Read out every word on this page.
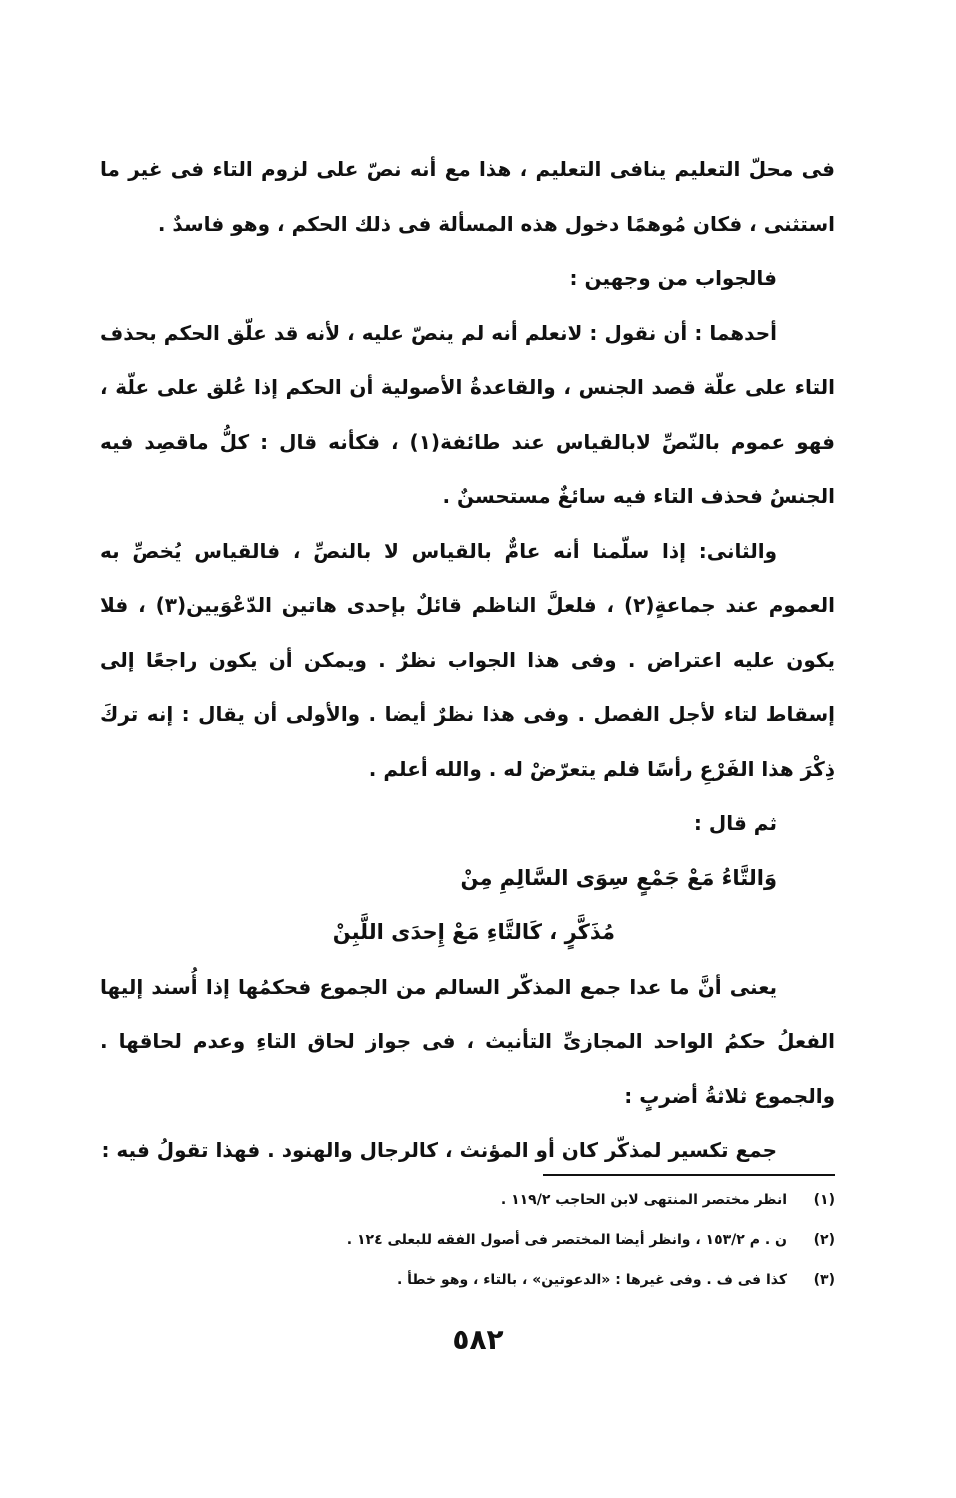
فى محلّ التعليم ينافى التعليم ، هذا مع أنه نصّ على لزوم التاء فى غير ما استثنى ، فكان مُوهمًا دخول هذه المسألة فى ذلك الحكم ، وهو فاسدٌ .

فالجواب من وجهين :

أحدهما : أن نقول : لانعلم أنه لم ينصّ عليه ، لأنه قد علّق الحكم بحذف التاء على علّة قصد الجنس ، والقاعدةُ الأصولية أن الحكم إذا عُلق على علّة ، فهو عموم بالنّصِّ لابالقياس عند طائفة(١) ، فكأنه قال : كلُّ ماقصِد فيه الجنسُ فحذف التاء فيه سائغٌ مستحسنٌ .

والثانى: إذا سلّمنا أنه عامٌّ بالقياس لا بالنصِّ ، فالقياس يُخصِّ به العموم عند جماعةٍ(٢) ، فلعلَّ الناظم قائلٌ بإحدى هاتين الدّعْوَيين(٣) ، فلا يكون عليه اعتراض . وفى هذا الجواب نظرٌ . ويمكن أن يكون راجعًا إلى إسقاط لتاء لأجل الفصل . وفى هذا نظرٌ أيضا . والأولى أن يقال : إنه تركَ ذِكْرَ هذا الفَرْعِ رأسًا فلم يتعرّضْ له . والله أعلم .

ثم قال :

وَالتَّاءُ مَعْ جَمْعٍ سِوَى السَّالِمِ مِنْ

مُذَكَّرٍ ، كَالتَّاءِ مَعْ إِحدَى اللَّبِنْ

يعنى أنَّ ما عدا جمع المذكّر السالم من الجموع فحكمُها إذا أُسند إليها الفعلُ حكمُ الواحد المجازىِّ التأنيث ، فى جواز لحاق التاءِ وعدم لحاقها . والجموع ثلاثةُ أضربٍ :

جمع تكسير لمذكّر كان أو المؤنث ، كالرجال والهنود . فهذا تقولُ فيه :

(١)
انظر مختصر المنتهى لابن الحاجب ١١٩/٢ .
(٢)
ن . م ١٥٣/٢ ، وانظر أيضا المختصر فى أصول الفقه للبعلى ١٢٤ .
(٣)
كذا فى ف . وفى غيرها : «الدعوتين» ، بالتاء ، وهو خطأ .
٥٨٢
